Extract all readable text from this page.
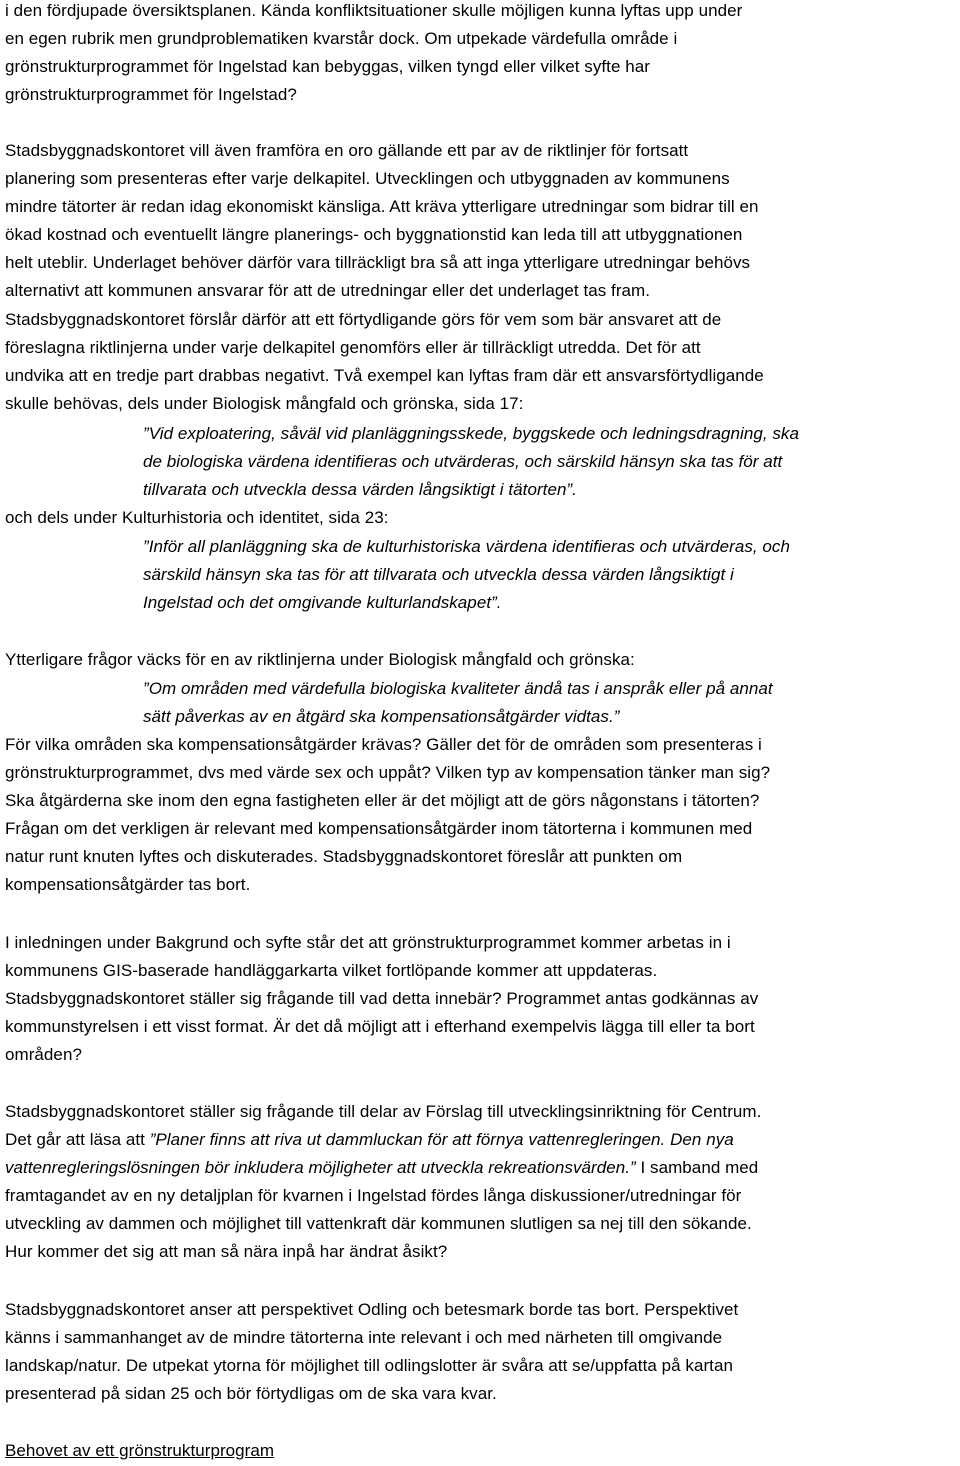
i den fördjupade översiktsplanen. Kända konfliktsituationer skulle möjligen kunna lyftas upp under
en egen rubrik men grundproblematiken kvarstår dock. Om utpekade värdefulla område i
grönstrukturprogrammet för Ingelstad kan bebyggas, vilken tyngd eller vilket syfte har
grönstrukturprogrammet för Ingelstad?
Stadsbyggnadskontoret vill även framföra en oro gällande ett par av de riktlinjer för fortsatt
planering som presenteras efter varje delkapitel. Utvecklingen och utbyggnaden av kommunens
mindre tätorter är redan idag ekonomiskt känsliga. Att kräva ytterligare utredningar som bidrar till en
ökad kostnad och eventuellt längre planerings- och byggnationstid kan leda till att utbyggnationen
helt uteblir. Underlaget behöver därför vara tillräckligt bra så att inga ytterligare utredningar behövs
alternativt att kommunen ansvarar för att de utredningar eller det underlaget tas fram.
Stadsbyggnadskontoret förslår därför att ett förtydligande görs för vem som bär ansvaret att de
föreslagna riktlinjerna under varje delkapitel genomförs eller är tillräckligt utredda. Det för att
undvika att en tredje part drabbas negativt. Två exempel kan lyftas fram där ett ansvarsförtydligande
skulle behövas, dels under Biologisk mångfald och grönska, sida 17:
”Vid exploatering, såväl vid planläggningsskede, byggskede och ledningsdragning, ska
de biologiska värdena identifieras och utvärderas, och särskild hänsyn ska tas för att
tillvarata och utveckla dessa värden långsiktigt i tätorten”.
och dels under Kulturhistoria och identitet, sida 23:
”Inför all planläggning ska de kulturhistoriska värdena identifieras och utvärderas, och
särskild hänsyn ska tas för att tillvarata och utveckla dessa värden långsiktigt i
Ingelstad och det omgivande kulturlandskapet”.
Ytterligare frågor väcks för en av riktlinjerna under Biologisk mångfald och grönska:
”Om områden med värdefulla biologiska kvaliteter ändå tas i anspråk eller på annat
sätt påverkas av en åtgärd ska kompensationsåtgärder vidtas.”
För vilka områden ska kompensationsåtgärder krävas? Gäller det för de områden som presenteras i
grönstrukturprogrammet, dvs med värde sex och uppåt? Vilken typ av kompensation tänker man sig?
Ska åtgärderna ske inom den egna fastigheten eller är det möjligt att de görs någonstans i tätorten?
Frågan om det verkligen är relevant med kompensationsåtgärder inom tätorterna i kommunen med
natur runt knuten lyftes och diskuterades. Stadsbyggnadskontoret föreslår att punkten om
kompensationsåtgärder tas bort.
I inledningen under Bakgrund och syfte står det att grönstrukturprogrammet kommer arbetas in i
kommunens GIS-baserade handläggarkarta vilket fortlöpande kommer att uppdateras.
Stadsbyggnadskontoret ställer sig frågande till vad detta innebär? Programmet antas godkännas av
kommunstyrelsen i ett visst format. Är det då möjligt att i efterhand exempelvis lägga till eller ta bort
områden?
Stadsbyggnadskontoret ställer sig frågande till delar av Förslag till utvecklingsinriktning för Centrum.
Det går att läsa att ”Planer finns att riva ut dammluckan för att förnya vattenregleringen. Den nya
vattenregleringslösningen bör inkludera möjligheter att utveckla rekreationsvärden.” I samband med
framtagandet av en ny detaljplan för kvarnen i Ingelstad fördes långa diskussioner/utredningar för
utveckling av dammen och möjlighet till vattenkraft där kommunen slutligen sa nej till den sökande.
Hur kommer det sig att man så nära inpå har ändrat åsikt?
Stadsbyggnadskontoret anser att perspektivet Odling och betesmark borde tas bort. Perspektivet
känns i sammanhanget av de mindre tätorterna inte relevant i och med närheten till omgivande
landskap/natur. De utpekat ytorna för möjlighet till odlingslotter är svåra att se/uppfatta på kartan
presenterad på sidan 25 och bör förtydligas om de ska vara kvar.
Behovet av ett grönstrukturprogram
